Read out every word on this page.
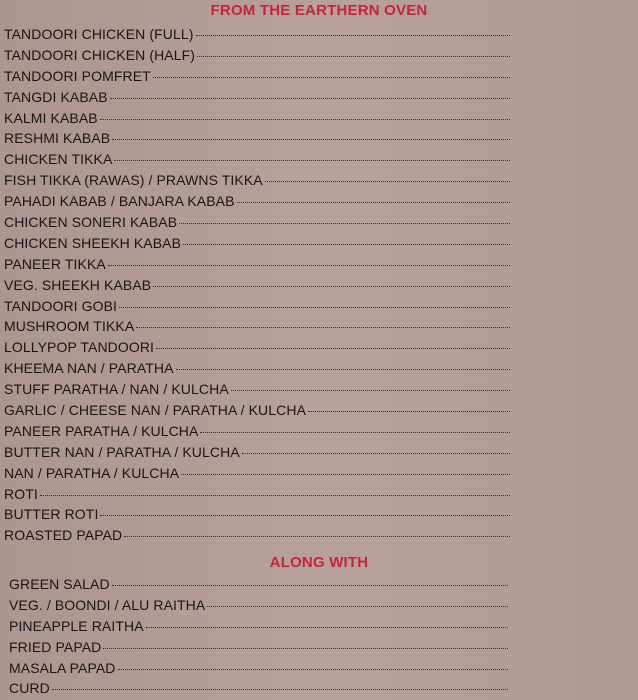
FROM THE EARTHERN OVEN
TANDOORI CHICKEN (FULL)
TANDOORI CHICKEN (HALF)
TANDOORI POMFRET
TANGDI KABAB
KALMI KABAB
RESHMI KABAB
CHICKEN TIKKA
FISH TIKKA (RAWAS) / PRAWNS TIKKA
PAHADI KABAB / BANJARA KABAB
CHICKEN SONERI KABAB
CHICKEN SHEEKH KABAB
PANEER TIKKA
VEG. SHEEKH KABAB
TANDOORI GOBI
MUSHROOM TIKKA
LOLLYPOP TANDOORI
KHEEMA NAN / PARATHA
STUFF PARATHA / NAN / KULCHA
GARLIC / CHEESE NAN / PARATHA / KULCHA
PANEER PARATHA / KULCHA
BUTTER NAN / PARATHA / KULCHA
NAN / PARATHA / KULCHA
ROTI
BUTTER ROTI
ROASTED PAPAD
ALONG WITH
GREEN SALAD
VEG. / BOONDI / ALU RAITHA
PINEAPPLE RAITHA
FRIED PAPAD
MASALA PAPAD
CURD
